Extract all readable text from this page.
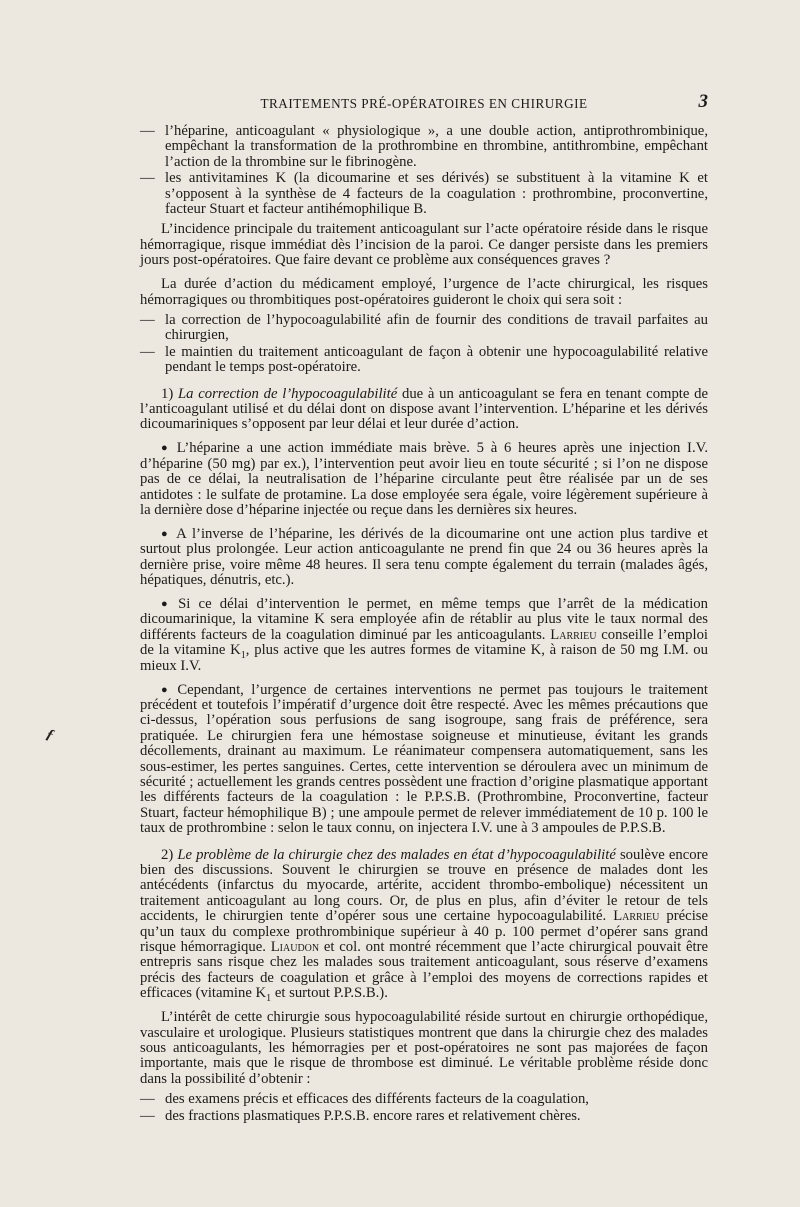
TRAITEMENTS PRÉ-OPÉRATOIRES EN CHIRURGIE	3
ƒ
— l’héparine, anticoagulant « physiologique », a une double action, antiprothrombinique, empêchant la transformation de la prothrombine en thrombine, antithrombine, empêchant l’action de la thrombine sur le fibrinogène.
— les antivitamines K (la dicoumarine et ses dérivés) se substituent à la vitamine K et s’opposent à la synthèse de 4 facteurs de la coagulation : prothrombine, proconvertine, facteur Stuart et facteur antihémophilique B.

L’incidence principale du traitement anticoagulant sur l’acte opératoire réside dans le risque hémorragique, risque immédiat dès l’incision de la paroi. Ce danger persiste dans les premiers jours post-opératoires. Que faire devant ce problème aux conséquences graves ?

La durée d’action du médicament employé, l’urgence de l’acte chirurgical, les risques hémorragiques ou thrombitiques post-opératoires guideront le choix qui sera soit :

— la correction de l’hypocoagulabilité afin de fournir des conditions de travail parfaites au chirurgien,
— le maintien du traitement anticoagulant de façon à obtenir une hypocoagulabilité relative pendant le temps post-opératoire.

1) La correction de l’hypocoagulabilité due à un anticoagulant se fera en tenant compte de l’anticoagulant utilisé et du délai dont on dispose avant l’intervention. L’héparine et les dérivés dicoumariniques s’opposent par leur délai et leur durée d’action.

● L’héparine a une action immédiate mais brève. 5 à 6 heures après une injection I.V. d’héparine (50 mg) par ex.), l’intervention peut avoir lieu en toute sécurité ; si l’on ne dispose pas de ce délai, la neutralisation de l’héparine circulante peut être réalisée par un de ses antidotes : le sulfate de protamine. La dose employée sera égale, voire légèrement supérieure à la dernière dose d’héparine injectée ou reçue dans les dernières six heures.

● A l’inverse de l’héparine, les dérivés de la dicoumarine ont une action plus tardive et surtout plus prolongée. Leur action anticoagulante ne prend fin que 24 ou 36 heures après la dernière prise, voire même 48 heures. Il sera tenu compte également du terrain (malades âgés, hépatiques, dénutris, etc.).

● Si ce délai d’intervention le permet, en même temps que l’arrêt de la médication dicoumarinique, la vitamine K sera employée afin de rétablir au plus vite le taux normal des différents facteurs de la coagulation diminué par les anticoagulants. Larrieu conseille l’emploi de la vitamine $K_1$, plus active que les autres formes de vitamine K, à raison de 50 mg I.M. ou mieux I.V.

● Cependant, l’urgence de certaines interventions ne permet pas toujours le traitement précédent et toutefois l’impératif d’urgence doit être respecté. Avec les mêmes précautions que ci-dessus, l’opération sous perfusions de sang isogroupe, sang frais de préférence, sera pratiquée. Le chirurgien fera une hémostase soigneuse et minutieuse, évitant les grands décollements, drainant au maximum. Le réanimateur compensera automatiquement, sans les sous-estimer, les pertes sanguines. Certes, cette intervention se déroulera avec un minimum de sécurité ; actuellement les grands centres possèdent une fraction d’origine plasmatique apportant les différents facteurs de la coagulation : le P.P.S.B. (Prothrombine, Proconvertine, facteur Stuart, facteur hémophilique B) ; une ampoule permet de relever immédiatement de 10 p. 100 le taux de prothrombine : selon le taux connu, on injectera I.V. une à 3 ampoules de P.P.S.B.

2) Le problème de la chirurgie chez des malades en état d’hypocoagulabilité soulève encore bien des discussions. Souvent le chirurgien se trouve en présence de malades dont les antécédents (infarctus du myocarde, artérite, accident thrombo-embolique) nécessitent un traitement anticoagulant au long cours. Or, de plus en plus, afin d’éviter le retour de tels accidents, le chirurgien tente d’opérer sous une certaine hypocoagulabilité. Larrieu précise qu’un taux du complexe prothrombinique supérieur à 40 p. 100 permet d’opérer sans grand risque hémorragique. Liaudon et col. ont montré récemment que l’acte chirurgical pouvait être entrepris sans risque chez les malades sous traitement anticoagulant, sous réserve d’examens précis des facteurs de coagulation et grâce à l’emploi des moyens de corrections rapides et efficaces (vitamine $K_1$ et surtout P.P.S.B.).

L’intérêt de cette chirurgie sous hypocoagulabilité réside surtout en chirurgie orthopédique, vasculaire et urologique. Plusieurs statistiques montrent que dans la chirurgie chez des malades sous anticoagulants, les hémorragies per et post-opératoires ne sont pas majorées de façon importante, mais que le risque de thrombose est diminué. Le véritable problème réside donc dans la possibilité d’obtenir :

— des examens précis et efficaces des différents facteurs de la coagulation,
— des fractions plasmatiques P.P.S.B. encore rares et relativement chères.
